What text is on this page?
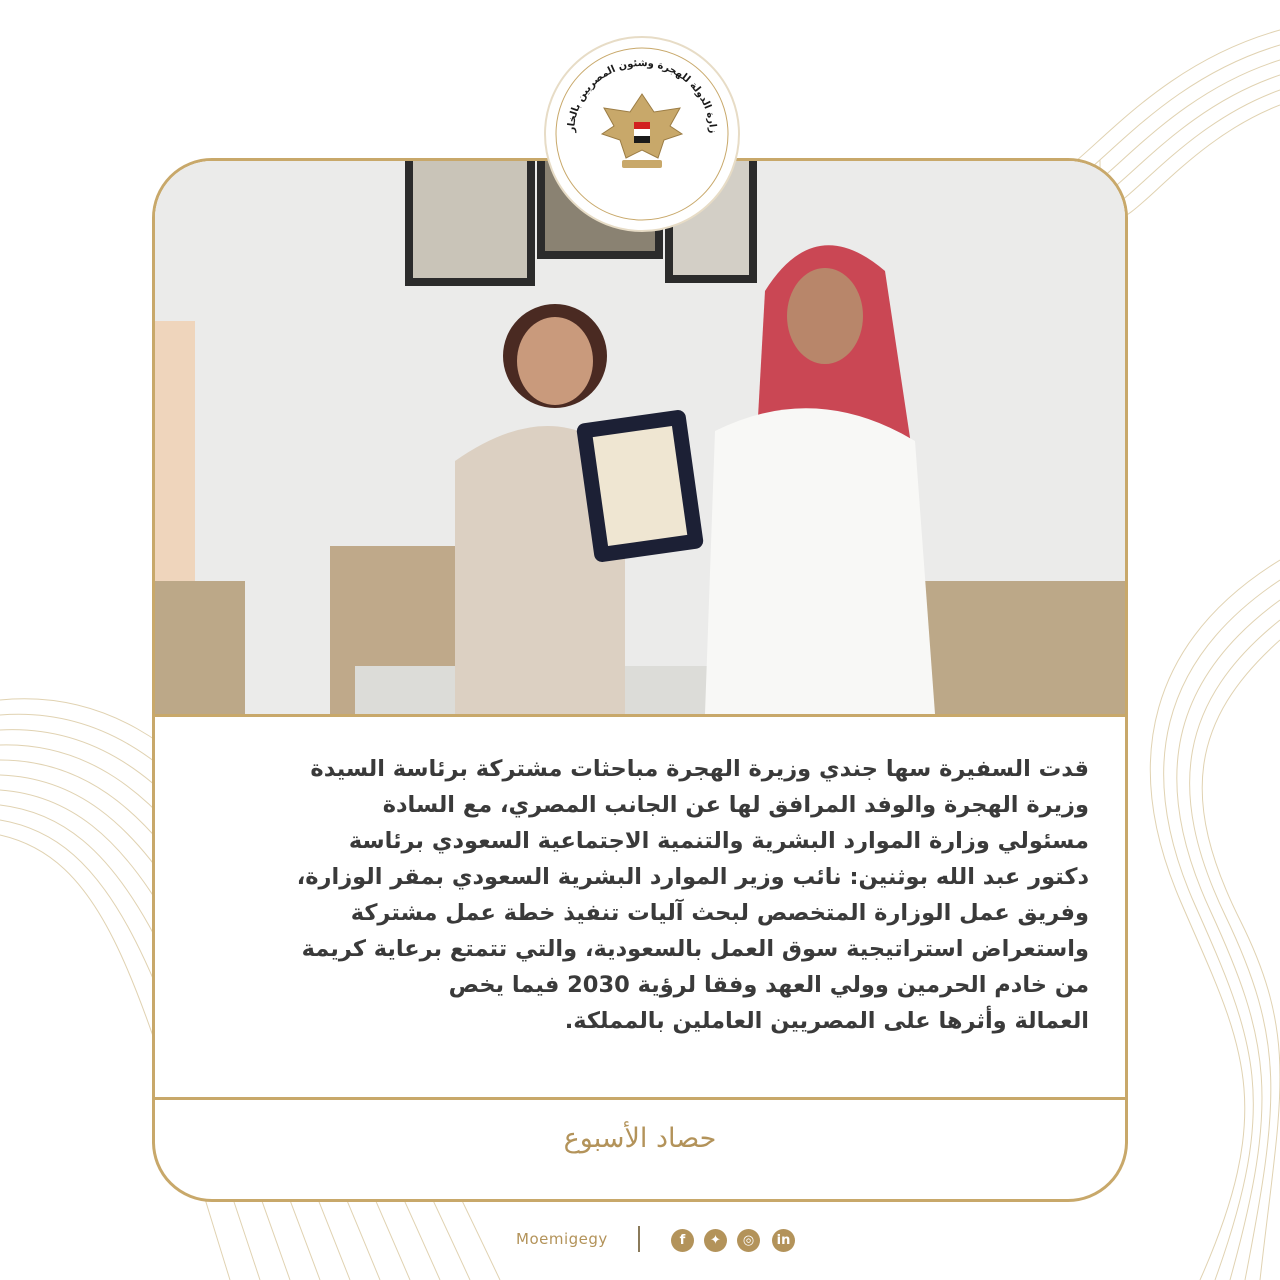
قدت السفيرة سها جندي وزيرة الهجرة مباحثات مشتركة برئاسة السيدة
وزيرة الهجرة والوفد المرافق لها عن الجانب المصري، مع السادة
مسئولي وزارة الموارد البشرية والتنمية الاجتماعية السعودي برئاسة
دكتور عبد الله بوثنين: نائب وزير الموارد البشرية السعودي بمقر الوزارة،
وفريق عمل الوزارة المتخصص لبحث آليات تنفيذ خطة عمل مشتركة
واستعراض استراتيجية سوق العمل بالسعودية، والتي تتمتع برعاية كريمة
من خادم الحرمين وولي العهد وفقا لرؤية 2030 فيما يخص
العمالة وأثرها على المصريين العاملين بالمملكة.
حصاد الأسبوع
زارة الدولة للهجرة وشئون المصريين بالخار
Moemigegy	f	✦	◎	in
